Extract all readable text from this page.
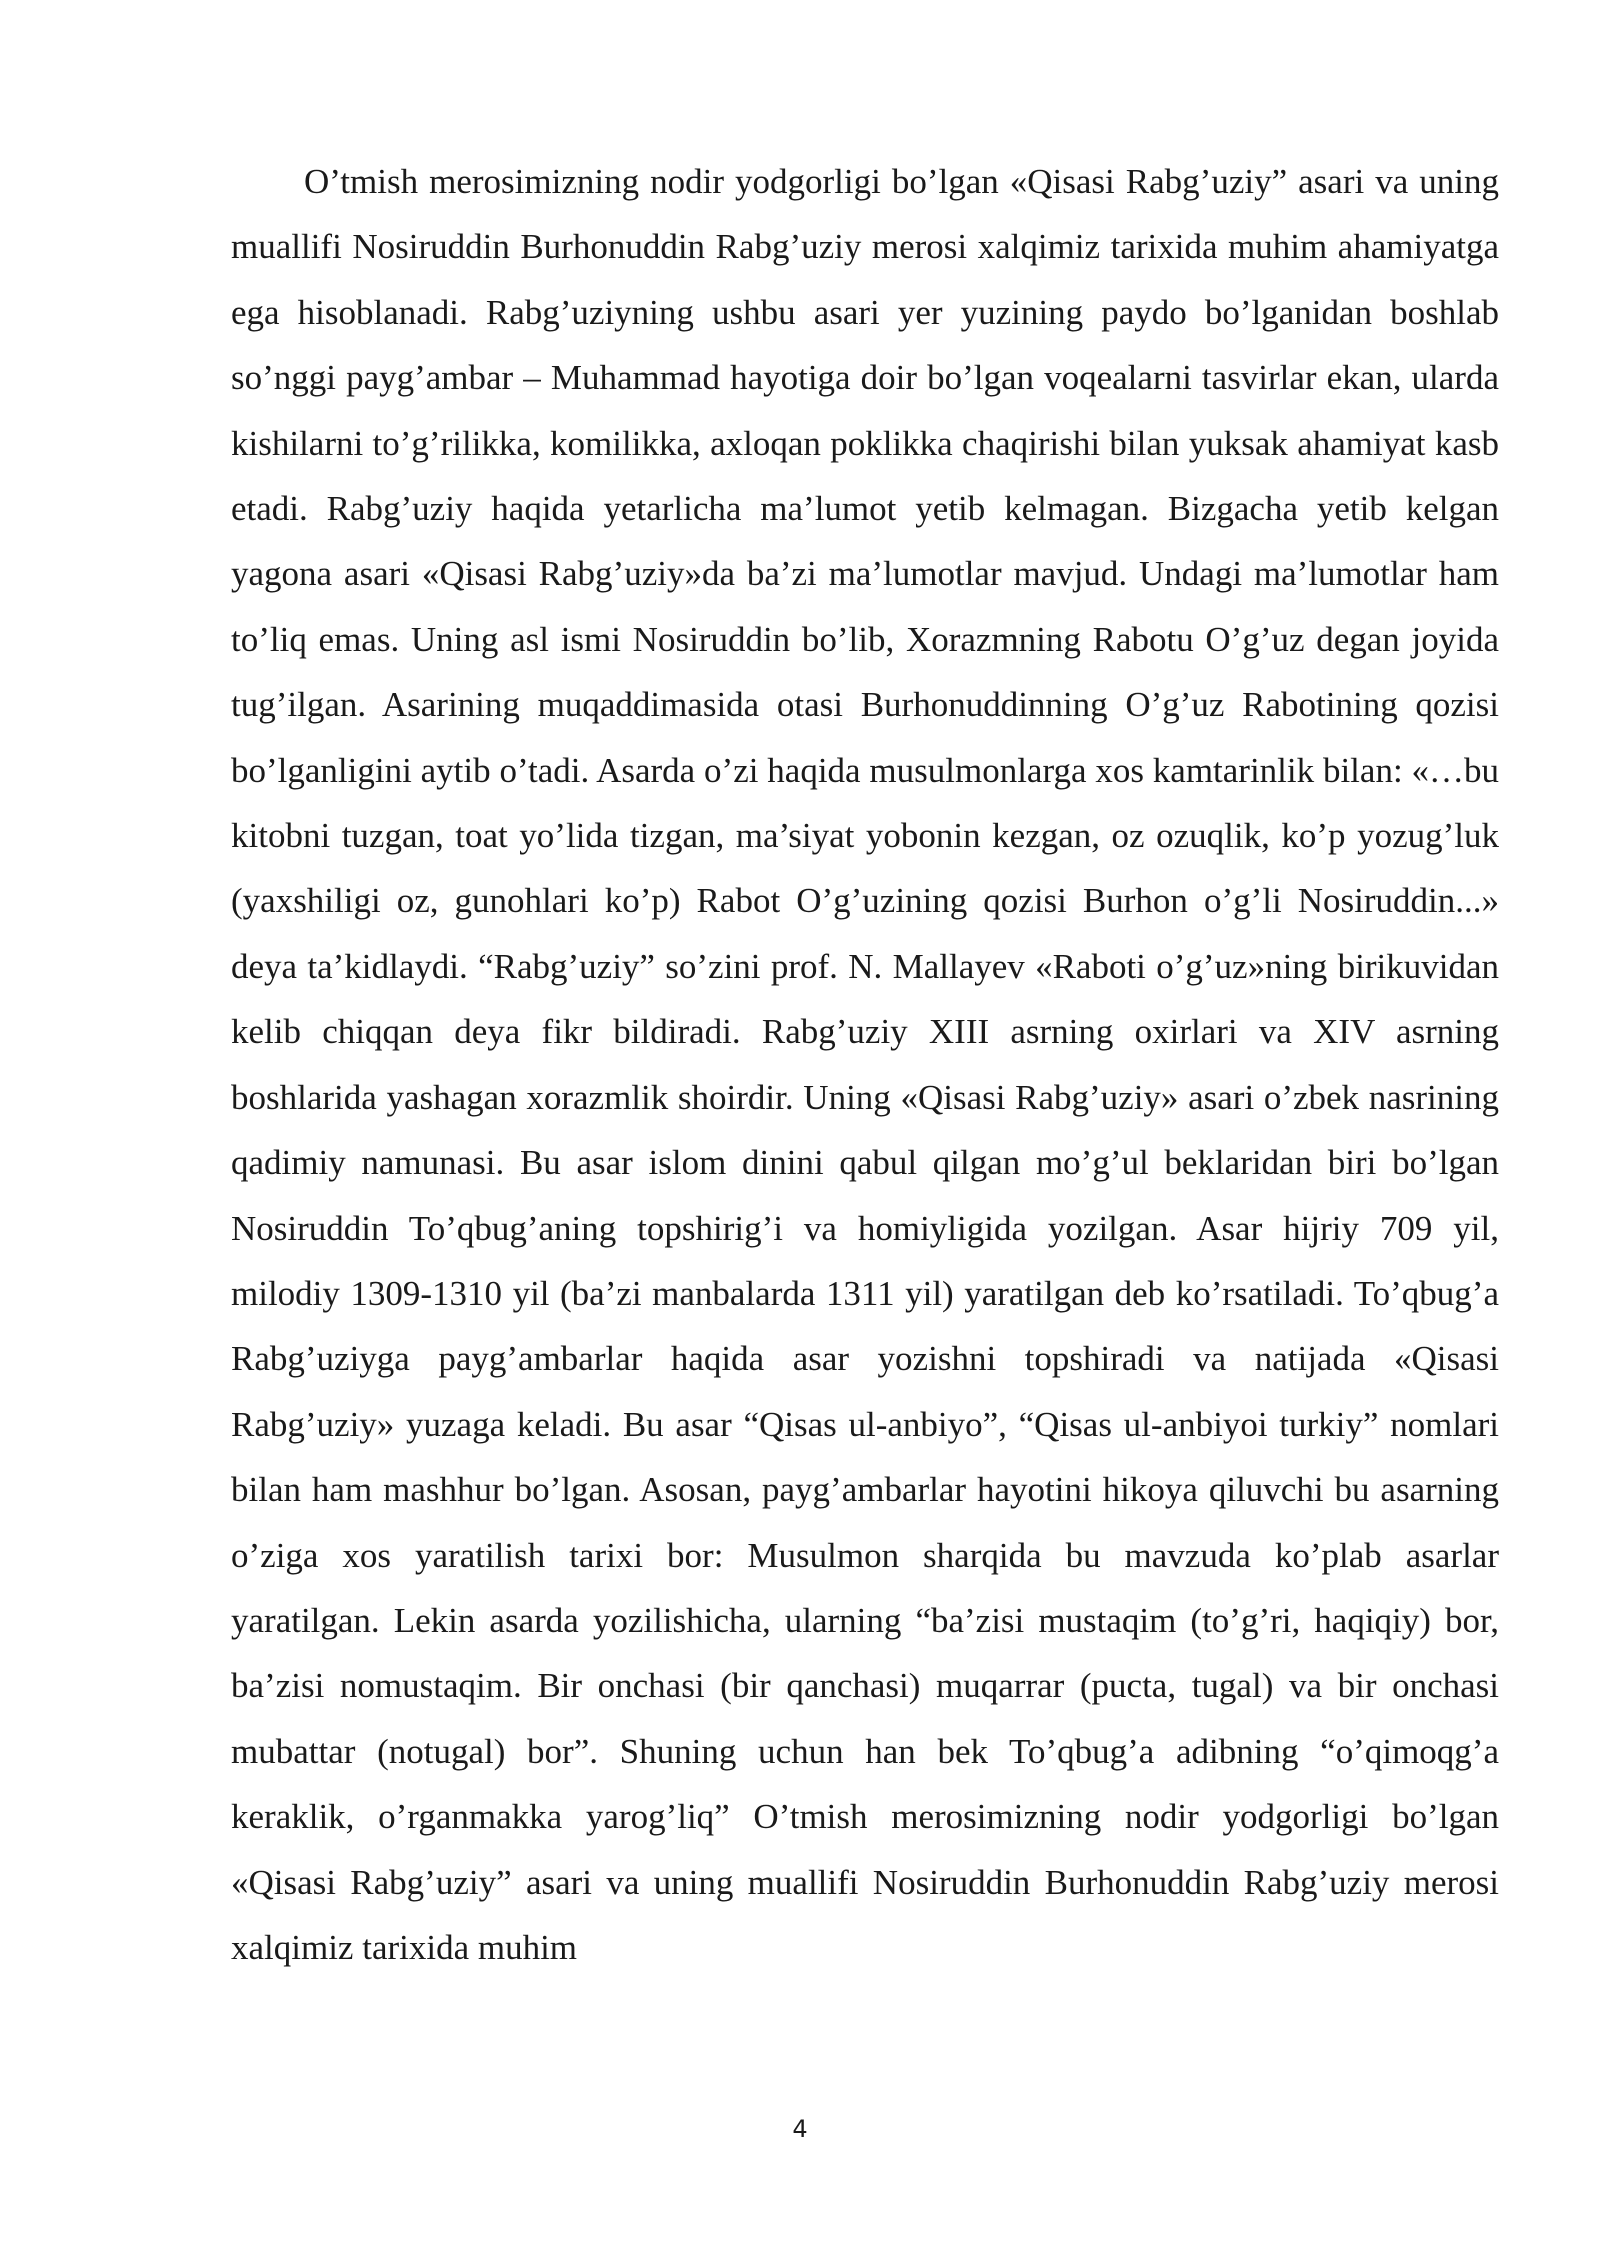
O’tmish merosimizning nodir yodgorligi bo’lgan «Qisasi Rabg’uziy” asari va uning muallifi Nosiruddin Burhonuddin Rabg’uziy merosi xalqimiz tarixida muhim ahamiyatga ega hisoblanadi. Rabg’uziyning ushbu asari yer yuzining paydo bo’lganidan boshlab so’nggi payg’ambar – Muhammad hayotiga doir bo’lgan voqealarni tasvirlar ekan, ularda kishilarni to’g’rilikka, komilikka, axloqan poklikka chaqirishi bilan yuksak ahamiyat kasb etadi. Rabg’uziy haqida yetarlicha ma’lumot yetib kelmagan. Bizgacha yetib kelgan yagona asari «Qisasi Rabg’uziy»da ba’zi ma’lumotlar mavjud. Undagi ma’lumotlar ham to’liq emas. Uning asl ismi Nosiruddin bo’lib, Xorazmning Rabotu O’g’uz degan joyida tug’ilgan. Asarining muqaddimasida otasi Burhonuddinning O’g’uz Rabotining qozisi bo’lganligini aytib o’tadi. Asarda o’zi haqida musulmonlarga xos kamtarinlik bilan: «…bu kitobni tuzgan, toat yo’lida tizgan, ma’siyat yobonin kezgan, oz ozuqlik, ko’p yozug’luk (yaxshiligi oz, gunohlari ko’p) Rabot O’g’uzining qozisi Burhon o’g’li Nosiruddin...» deya ta’kidlaydi. “Rabg’uziy” so’zini prof. N. Mallayev «Raboti o’g’uz»ning birikuvidan kelib chiqqan deya fikr bildiradi. Rabg’uziy XIII asrning oxirlari va XIV asrning boshlarida yashagan xorazmlik shoirdir. Uning «Qisasi Rabg’uziy» asari o’zbek nasrining qadimiy namunasi. Bu asar islom dinini qabul qilgan mo’g’ul beklaridan biri bo’lgan Nosiruddin To’qbug’aning topshirig’i va homiyligida yozilgan. Asar hijriy 709 yil, milodiy 1309-1310 yil (ba’zi manbalarda 1311 yil) yaratilgan deb ko’rsatiladi. To’qbug’a Rabg’uziyga payg’ambarlar haqida asar yozishni topshiradi va natijada «Qisasi Rabg’uziy» yuzaga keladi. Bu asar “Qisas ul-anbiyo”, “Qisas ul-anbiyoi turkiy” nomlari bilan ham mashhur bo’lgan. Asosan, payg’ambarlar hayotini hikoya qiluvchi bu asarning o’ziga xos yaratilish tarixi bor: Musulmon sharqida bu mavzuda ko’plab asarlar yaratilgan. Lekin asarda yozilishicha, ularning “ba’zisi mustaqim (to’g’ri, haqiqiy) bor, ba’zisi nomustaqim. Bir onchasi (bir qanchasi) muqarrar (pucta, tugal) va bir onchasi mubattar (notugal) bor”. Shuning uchun han bek To’qbug’a adibning “o’qimoqg’a keraklik, o’rganmakka yarog’liq” O’tmish merosimizning nodir yodgorligi bo’lgan «Qisasi Rabg’uziy” asari va uning muallifi Nosiruddin Burhonuddin Rabg’uziy merosi xalqimiz tarixida muhim

4
